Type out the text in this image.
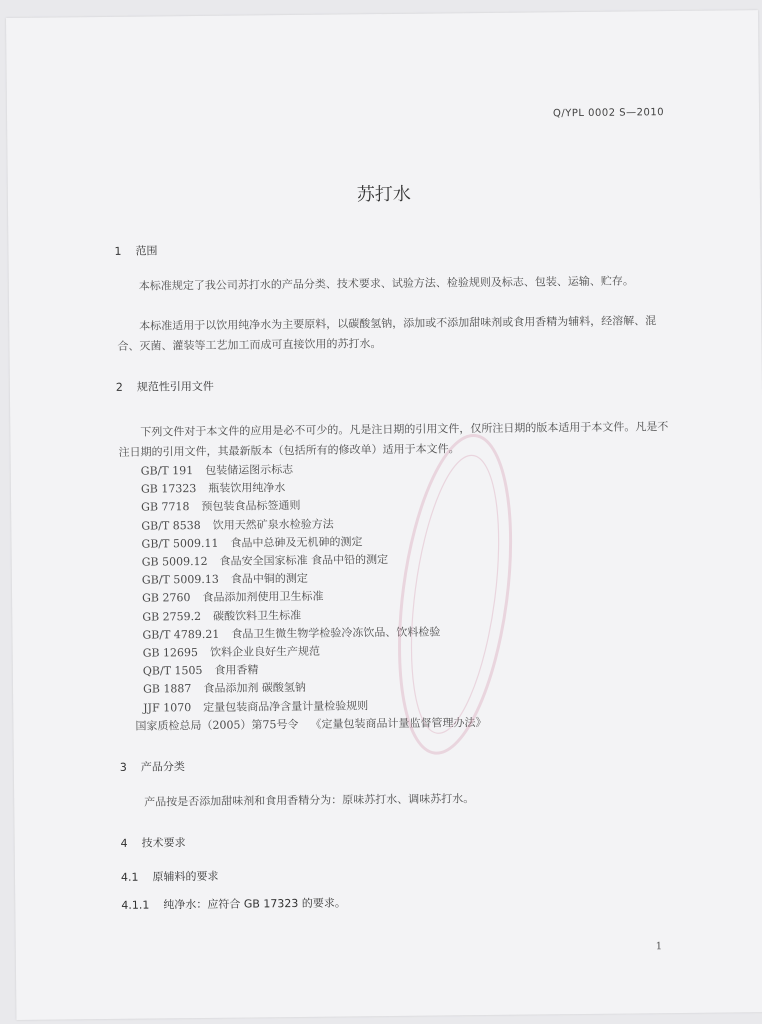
Q/YPL 0002 S—2010
苏打水
1 范围

本标准规定了我公司苏打水的产品分类、技术要求、试验方法、检验规则及标志、包装、运输、贮存。

本标准适用于以饮用纯净水为主要原料，以碳酸氢钠，添加或不添加甜味剂或食用香精为辅料，经溶解、混合、灭菌、灌装等工艺加工而成可直接饮用的苏打水。

2 规范性引用文件

下列文件对于本文件的应用是必不可少的。凡是注日期的引用文件，仅所注日期的版本适用于本文件。凡是不注日期的引用文件，其最新版本（包括所有的修改单）适用于本文件。

GB/T 191 包装储运图示标志
GB 17323 瓶装饮用纯净水
GB 7718 预包装食品标签通则
GB/T 8538 饮用天然矿泉水检验方法
GB/T 5009.11 食品中总砷及无机砷的测定
GB 5009.12 食品安全国家标准 食品中铅的测定
GB/T 5009.13 食品中铜的测定
GB 2760 食品添加剂使用卫生标准
GB 2759.2 碳酸饮料卫生标准
GB/T 4789.21 食品卫生微生物学检验冷冻饮品、饮料检验
GB 12695 饮料企业良好生产规范
QB/T 1505 食用香精
GB 1887 食品添加剂 碳酸氢钠
JJF 1070 定量包装商品净含量计量检验规则
国家质检总局（2005）第75号令 《定量包装商品计量监督管理办法》
3 产品分类

产品按是否添加甜味剂和食用香精分为：原味苏打水、调味苏打水。

4 技术要求
4.1 原辅料的要求
4.1.1 纯净水：应符合 GB 17323 的要求。
1
